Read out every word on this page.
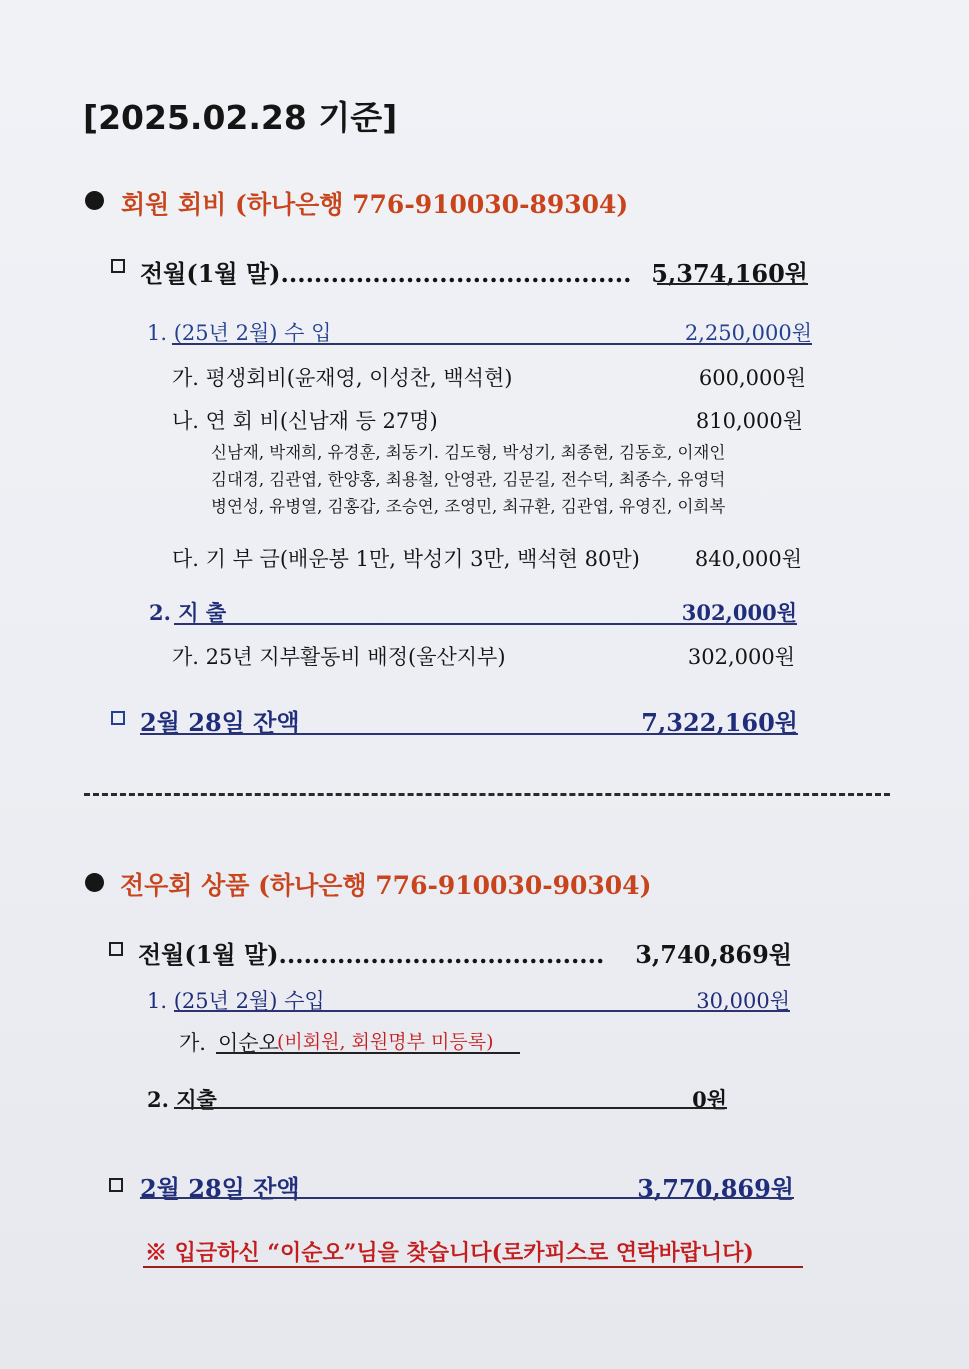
[2025.02.28 기준]
회원 회비 (하나은행 776-910030-89304)
전월(1월 말).......................................... 5,374,160원
1. (25년 2월) 수 입	2,250,000원
가. 평생회비(윤재영, 이성찬, 백석현)	600,000원
나. 연 회 비(신남재 등 27명)	810,000원
신남재, 박재희, 유경훈, 최동기. 김도형, 박성기, 최종현, 김동호, 이재인
김대경, 김관엽, 한양홍, 최용철, 안영관, 김문길, 전수덕, 최종수, 유영덕
병연성, 유병열, 김홍갑, 조승연, 조영민, 최규환, 김관엽, 유영진, 이희복
다. 기 부 금(배운봉 1만, 박성기 3만, 백석현 80만)	840,000원
2. 지 출	302,000원
가. 25년 지부활동비 배정(울산지부)	302,000원
2월 28일 잔액	7,322,160원
전우회 상품 (하나은행 776-910030-90304)
전월(1월 말).......................................	3,740,869원
1. (25년 2월) 수입	30,000원
가. 이순오
(비회원, 회원명부 미등록)
2. 지출	0원
2월 28일 잔액	3,770,869원
※ 입금하신 “이순오”님을 찾습니다(로카피스로 연락바랍니다)
